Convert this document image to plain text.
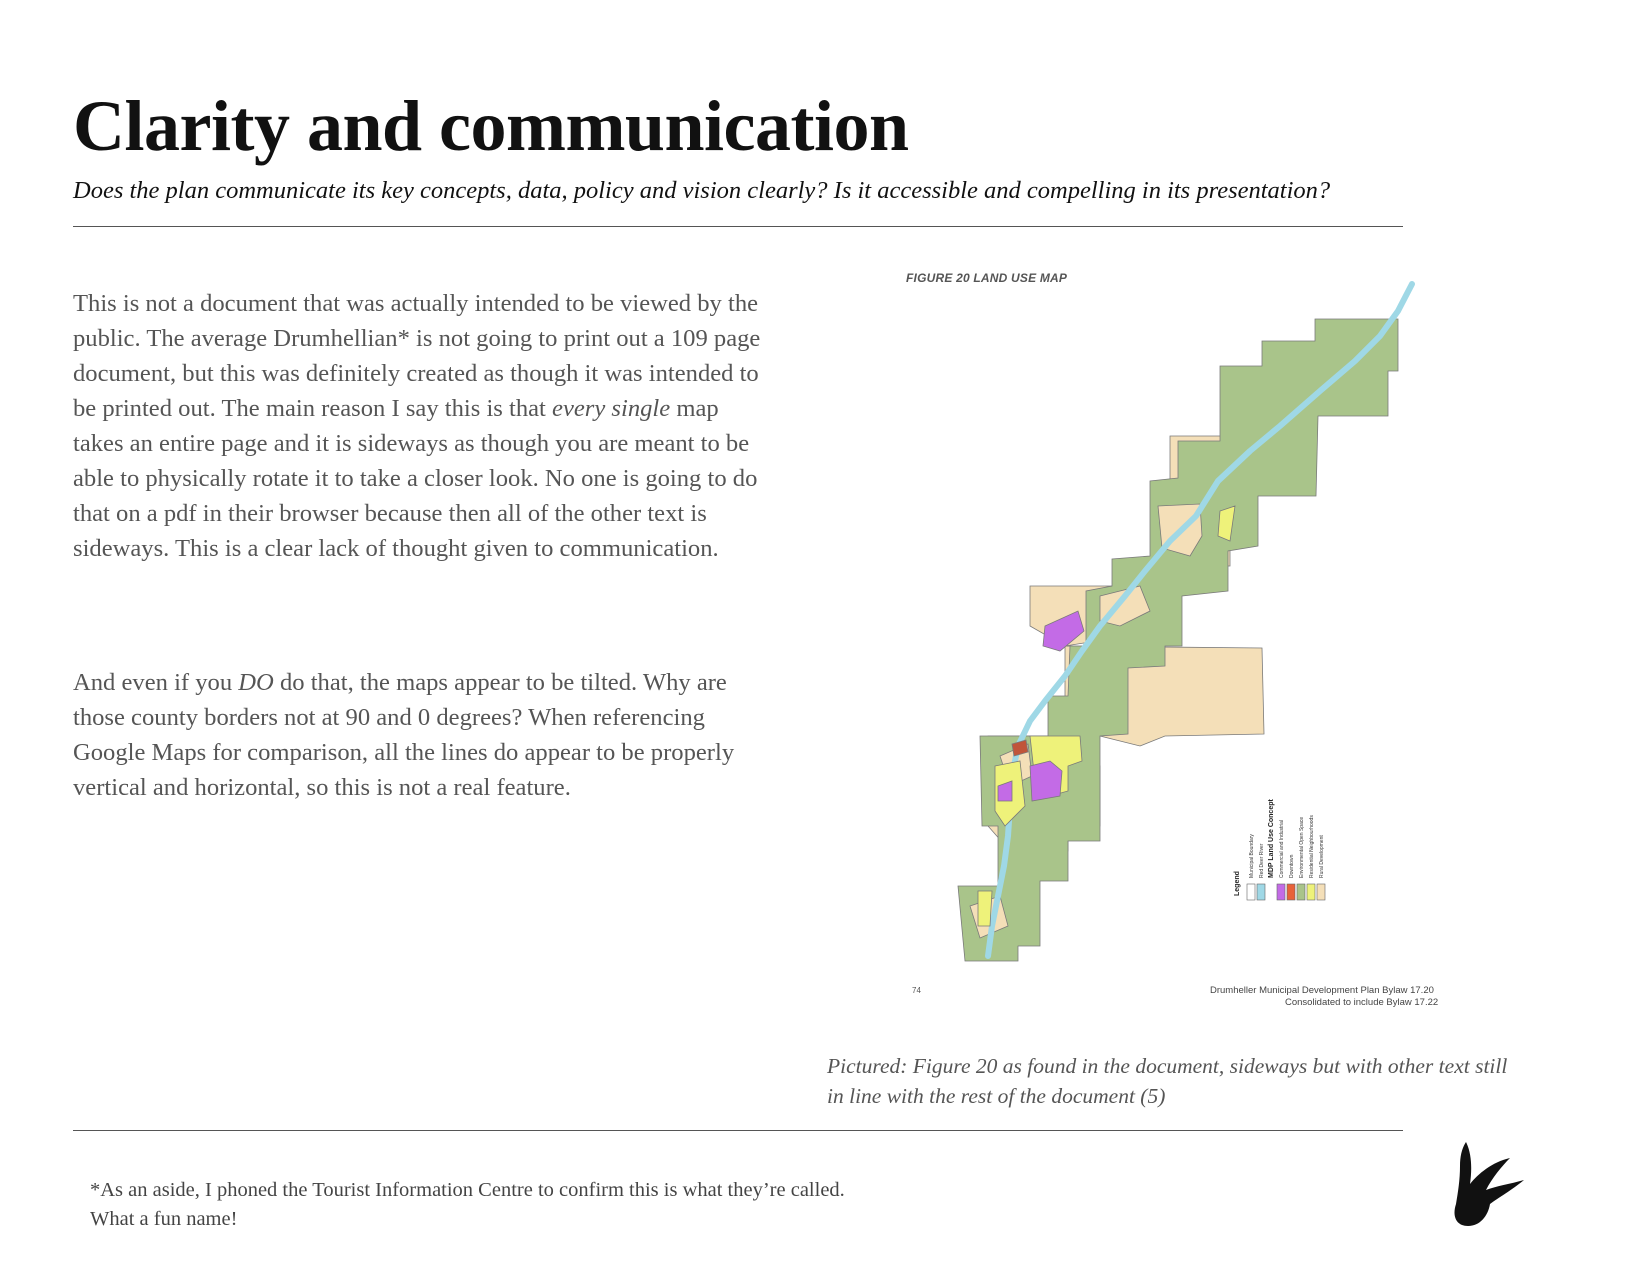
Clarity and communication

Does the plan communicate its key concepts, data, policy and vision clearly? Is it accessible and compelling in its presentation?

This is not a document that was actually intended to be viewed by the public. The average Drumhellian* is not going to print out a 109 page document, but this was definitely created as though it was intended to be printed out. The main reason I say this is that every single map takes an entire page and it is sideways as though you are meant to be able to physically rotate it to take a closer look. No one is going to do that on a pdf in their browser because then all of the other text is sideways. This is a clear lack of thought given to communication.

And even if you DO do that, the maps appear to be tilted. Why are those county borders not at 90 and 0 degrees? When referencing Google Maps for comparison, all the lines do appear to be properly vertical and horizontal, so this is not a real feature.

FIGURE 20 LAND USE MAP
Legend
Municipal Boundary Red Deer River MDP Land Use Concept Commercial and Industrial Downtown Environmental Open Space Residential Neighbourhoods Rural Development
74	Drumheller Municipal Development Plan Bylaw 17.20
Consolidated to include Bylaw 17.22

Pictured: Figure 20 as found in the document, sideways but with other text still in line with the rest of the document (5)

*As an aside, I phoned the Tourist Information Centre to confirm this is what they’re called.
What a fun name!
